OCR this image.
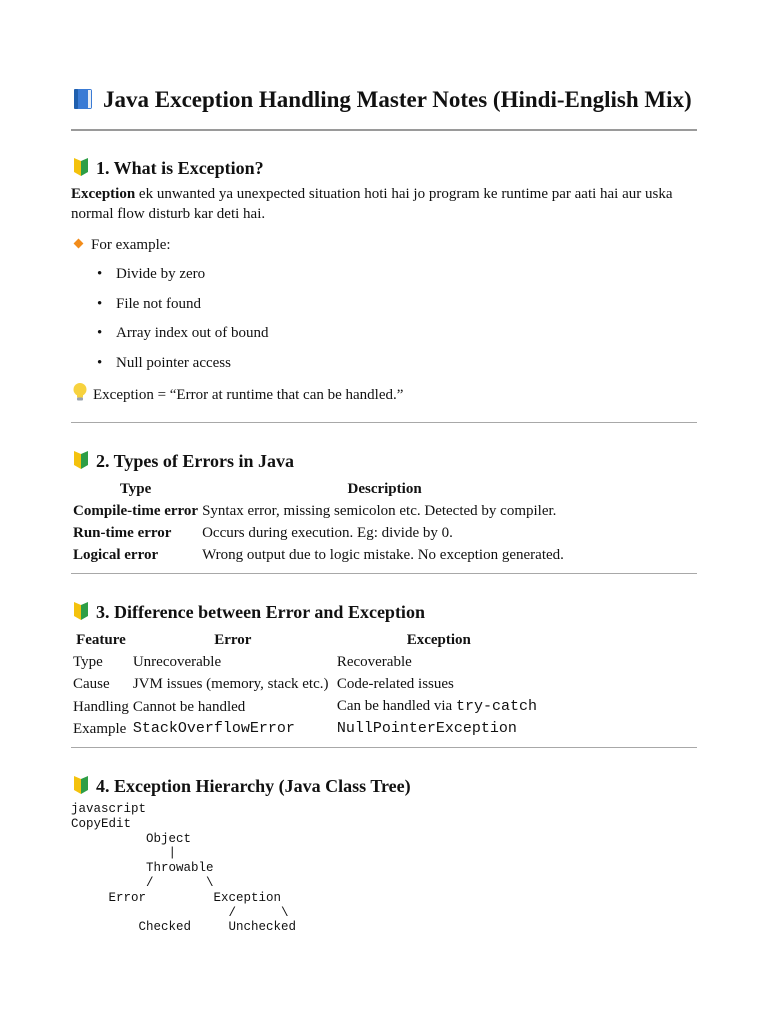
Java Exception Handling Master Notes (Hindi-English Mix)
1. What is Exception?

Exception ek unwanted ya unexpected situation hoti hai jo program ke runtime par aati hai aur uska normal flow disturb kar deti hai.

For example:

• Divide by zero
• File not found
• Array index out of bound
• Null pointer access

Exception = “Error at runtime that can be handled.”

2. Types of Errors in Java
Type	Description
Compile-time error	Syntax error, missing semicolon etc. Detected by compiler.
Run-time error	Occurs during execution. Eg: divide by 0.
Logical error	Wrong output due to logic mistake. No exception generated.
3. Difference between Error and Exception
Feature	Error	Exception
Type	Unrecoverable	Recoverable
Cause	JVM issues (memory, stack etc.)	Code-related issues
Handling	Cannot be handled	Can be handled via try-catch
Example	StackOverflowError	NullPointerException
4. Exception Hierarchy (Java Class Tree)
javascript
CopyEdit
Object
|
Throwable
/       \
Error         Exception
/      \
Checked     Unchecked
